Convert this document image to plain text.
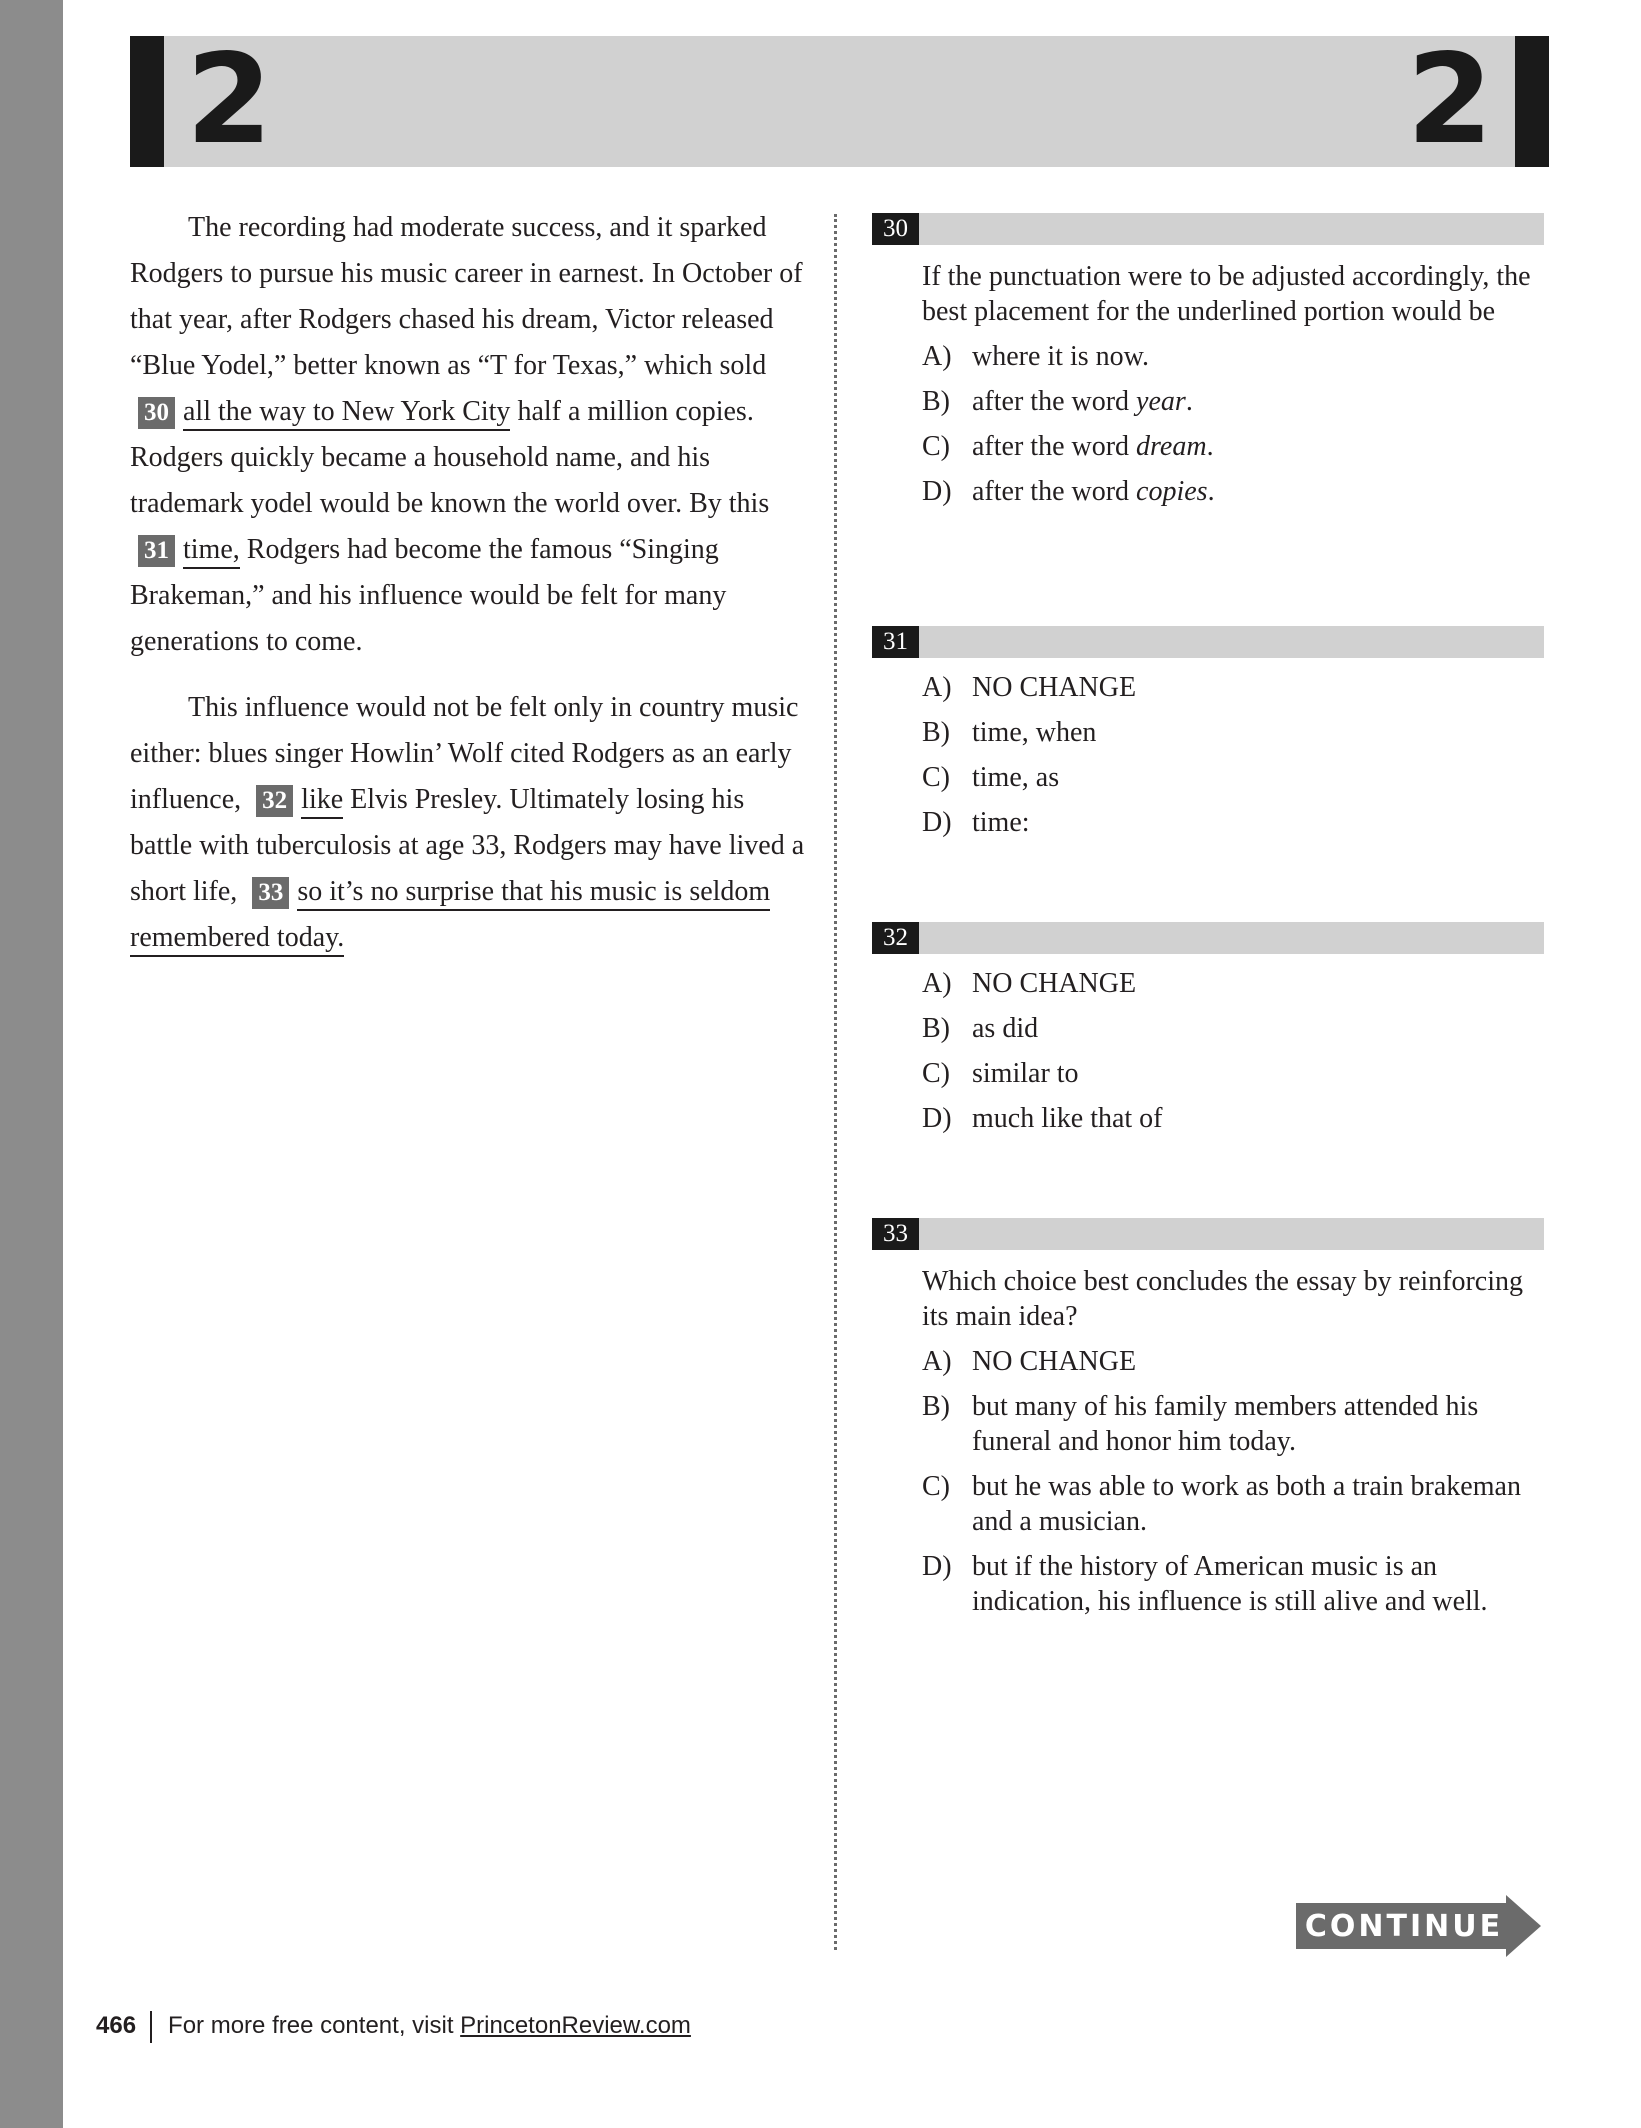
2	2

The recording had moderate success, and it sparked Rodgers to pursue his music career in earnest. In October of that year, after Rodgers chased his dream, Victor released “Blue Yodel,” better known as “T for Texas,” which sold 30 all the way to New York City half a million copies. Rodgers quickly became a household name, and his trademark yodel would be known the world over. By this 31 time, Rodgers had become the famous “Singing Brakeman,” and his influence would be felt for many generations to come.

This influence would not be felt only in country music either: blues singer Howlin’ Wolf cited Rodgers as an early influence, 32 like Elvis Presley. Ultimately losing his battle with tuberculosis at age 33, Rodgers may have lived a short life, 33 so it’s no surprise that his music is seldom remembered today.

30
If the punctuation were to be adjusted accordingly, the best placement for the underlined portion would be
A) where it is now.
B) after the word year.
C) after the word dream.
D) after the word copies.
31
A) NO CHANGE
B) time, when
C) time, as
D) time:
32
A) NO CHANGE
B) as did
C) similar to
D) much like that of
33
Which choice best concludes the essay by reinforcing its main idea?
A) NO CHANGE
B) but many of his family members attended his funeral and honor him today.
C) but he was able to work as both a train brakeman and a musician.
D) but if the history of American music is an indication, his influence is still alive and well.
CONTINUE
466 For more free content, visit PrincetonReview.com
